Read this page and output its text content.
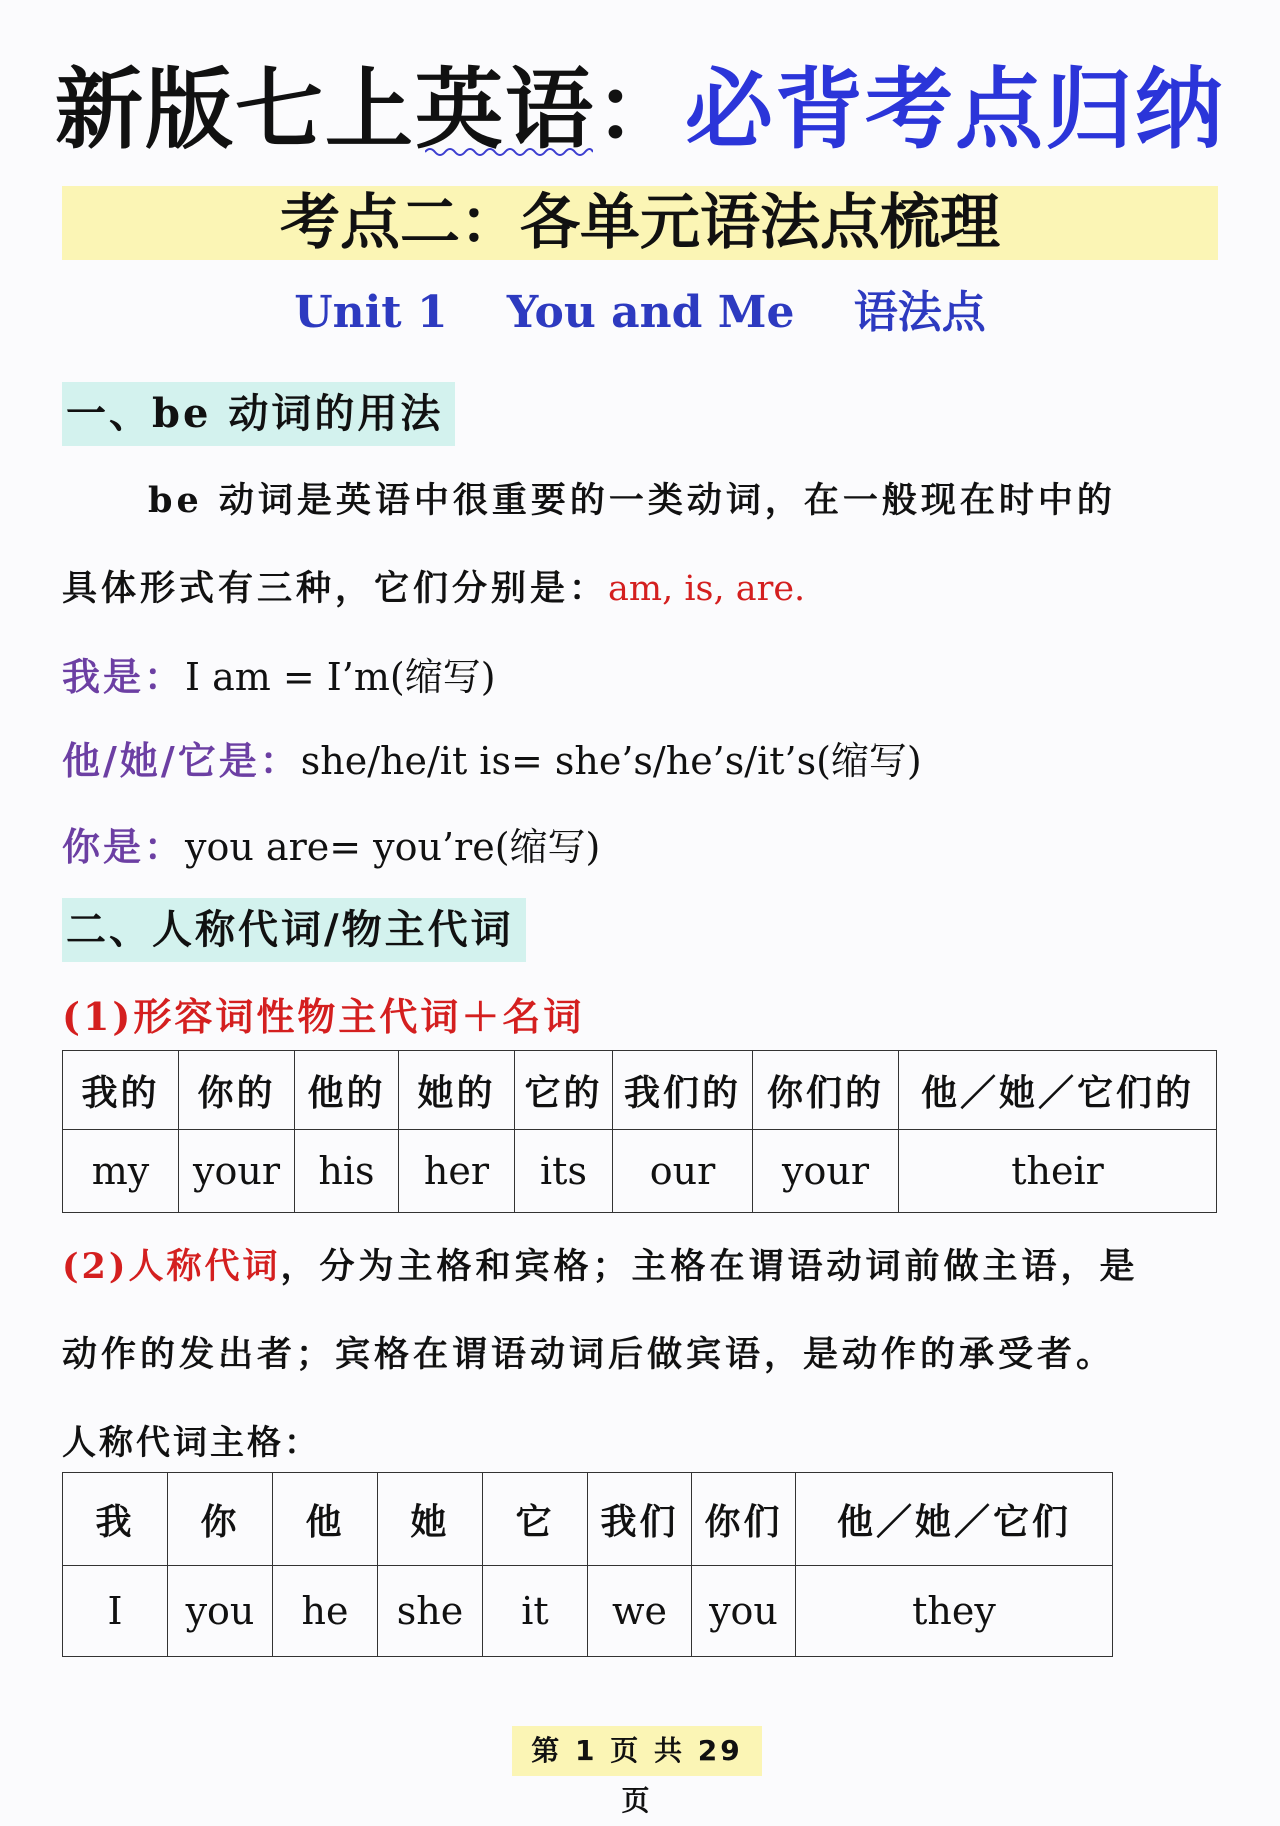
新版七上英语：必背考点归纳
考点二：各单元语法点梳理
Unit 1 You and Me 语法点
一、be 动词的用法
be 动词是英语中很重要的一类动词，在一般现在时中的
具体形式有三种，它们分别是：am, is, are.
我是：I am = I’m(缩写)
他/她/它是：she/he/it is= she’s/he’s/it’s(缩写)
你是：you are= you’re(缩写)
二、人称代词/物主代词
(1)形容词性物主代词＋名词
我的	你的	他的	她的	它的	我们的	你们的	他／她／它们的
my	your	his	her	its	our	your	their
(2)人称代词，分为主格和宾格；主格在谓语动词前做主语，是
动作的发出者；宾格在谓语动词后做宾语，是动作的承受者。
人称代词主格：
我	你	他	她	它	我们	你们	他／她／它们
I	you	he	she	it	we	you	they
第 1 页 共 29 页
